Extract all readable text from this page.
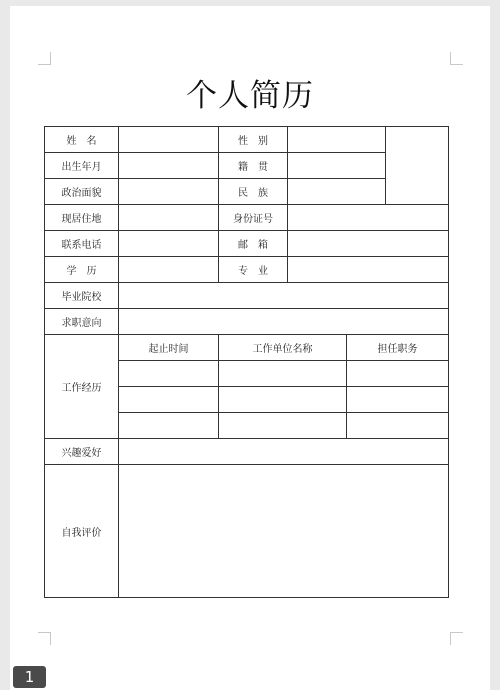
个人简历
姓　名		性　别			
出生年月		籍　贯			
政治面貌		民　族			
现居住地		身份证号			
联系电话		邮　箱			
学　历		专　业			
毕业院校					
求职意向					
工作经历	起止时间	工作单位名称		担任职务	

兴趣爱好					
自我评价					
1
